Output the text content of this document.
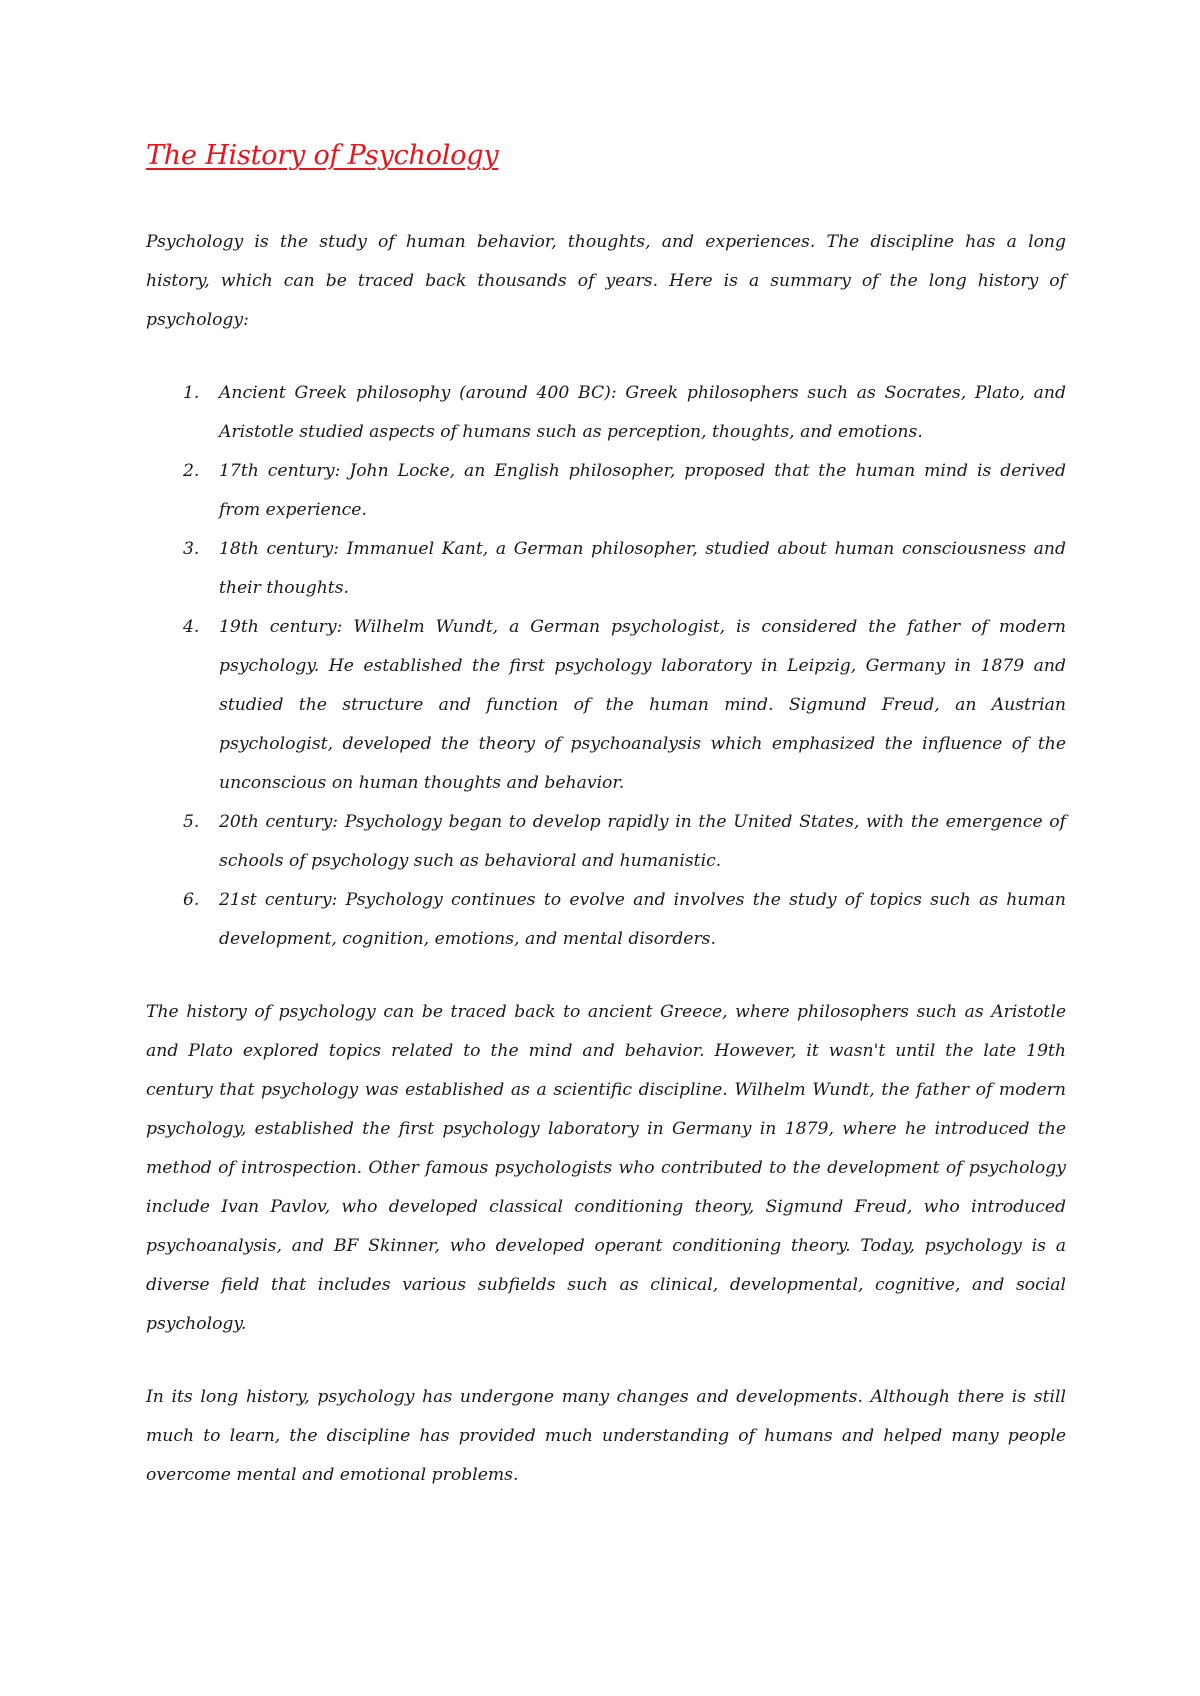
The History of Psychology

Psychology is the study of human behavior, thoughts, and experiences. The discipline has a long history, which can be traced back thousands of years. Here is a summary of the long history of psychology:

1. Ancient Greek philosophy (around 400 BC): Greek philosophers such as Socrates, Plato, and Aristotle studied aspects of humans such as perception, thoughts, and emotions.
2. 17th century: John Locke, an English philosopher, proposed that the human mind is derived from experience.
3. 18th century: Immanuel Kant, a German philosopher, studied about human consciousness and their thoughts.
4. 19th century: Wilhelm Wundt, a German psychologist, is considered the father of modern psychology. He established the first psychology laboratory in Leipzig, Germany in 1879 and studied the structure and function of the human mind. Sigmund Freud, an Austrian psychologist, developed the theory of psychoanalysis which emphasized the influence of the unconscious on human thoughts and behavior.
5. 20th century: Psychology began to develop rapidly in the United States, with the emergence of schools of psychology such as behavioral and humanistic.
6. 21st century: Psychology continues to evolve and involves the study of topics such as human development, cognition, emotions, and mental disorders.

The history of psychology can be traced back to ancient Greece, where philosophers such as Aristotle and Plato explored topics related to the mind and behavior. However, it wasn't until the late 19th century that psychology was established as a scientific discipline. Wilhelm Wundt, the father of modern psychology, established the first psychology laboratory in Germany in 1879, where he introduced the method of introspection. Other famous psychologists who contributed to the development of psychology include Ivan Pavlov, who developed classical conditioning theory, Sigmund Freud, who introduced psychoanalysis, and BF Skinner, who developed operant conditioning theory. Today, psychology is a diverse field that includes various subfields such as clinical, developmental, cognitive, and social psychology.

In its long history, psychology has undergone many changes and developments. Although there is still much to learn, the discipline has provided much understanding of humans and helped many people overcome mental and emotional problems.
